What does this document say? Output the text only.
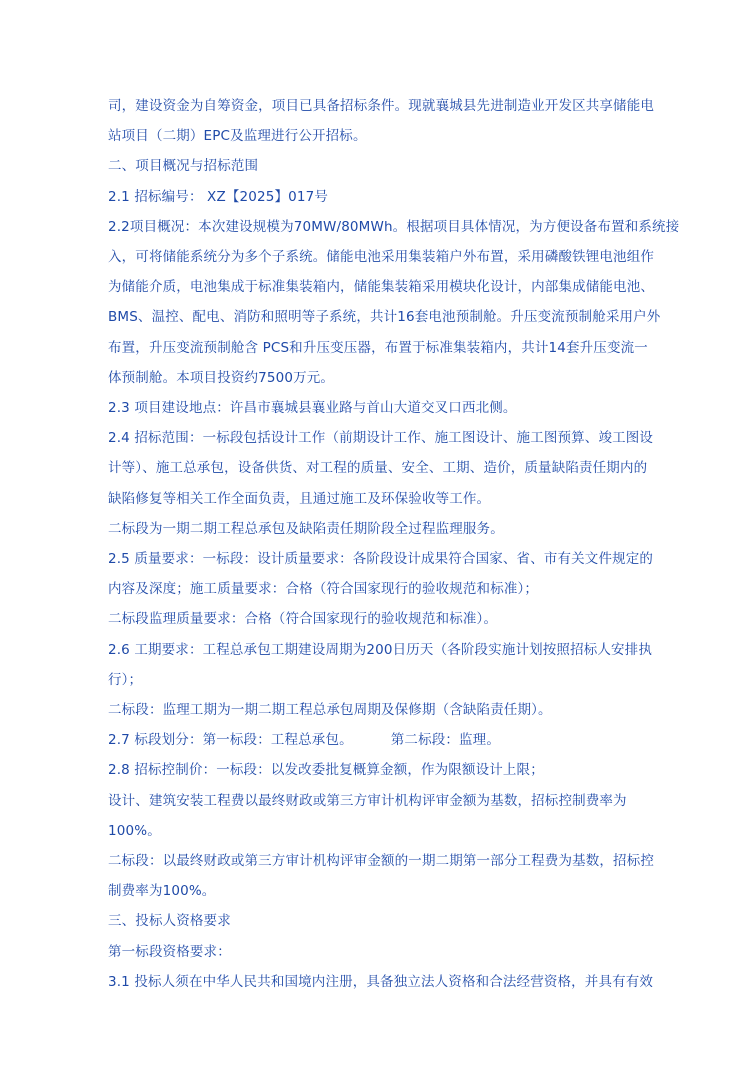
司，建设资金为自筹资金，项目已具备招标条件。现就襄城县先进制造业开发区共享储能电
站项目（二期）EPC及监理进行公开招标。
二、项目概况与招标范围
2.1 招标编号： XZ【2025】017号
2.2项目概况：本次建设规模为70MW/80MWh。根据项目具体情况，为方便设备布置和系统接
入，可将储能系统分为多个子系统。储能电池采用集装箱户外布置，采用磷酸铁锂电池组作
为储能介质，电池集成于标准集装箱内，储能集装箱采用模块化设计，内部集成储能电池、
BMS、温控、配电、消防和照明等子系统，共计16套电池预制舱。升压变流预制舱采用户外
布置，升压变流预制舱含 PCS和升压变压器，布置于标准集装箱内，共计14套升压变流一
体预制舱。本项目投资约7500万元。
2.3 项目建设地点：许昌市襄城县襄业路与首山大道交叉口西北侧。
2.4 招标范围：一标段包括设计工作（前期设计工作、施工图设计、施工图预算、竣工图设
计等）、施工总承包，设备供货、对工程的质量、安全、工期、造价，质量缺陷责任期内的
缺陷修复等相关工作全面负责，且通过施工及环保验收等工作。
二标段为一期二期工程总承包及缺陷责任期阶段全过程监理服务。
2.5 质量要求：一标段：设计质量要求：各阶段设计成果符合国家、省、市有关文件规定的
内容及深度；施工质量要求：合格（符合国家现行的验收规范和标准）；
二标段监理质量要求：合格（符合国家现行的验收规范和标准）。
2.6 工期要求：工程总承包工期建设周期为200日历天（各阶段实施计划按照招标人安排执
行）；
二标段：监理工期为一期二期工程总承包周期及保修期（含缺陷责任期）。
2.7 标段划分：第一标段：工程总承包。	第二标段：监理。
2.8 招标控制价：一标段：以发改委批复概算金额，作为限额设计上限；
设计、建筑安装工程费以最终财政或第三方审计机构评审金额为基数，招标控制费率为
100%。
二标段：以最终财政或第三方审计机构评审金额的一期二期第一部分工程费为基数，招标控
制费率为100%。
三、投标人资格要求
第一标段资格要求：
3.1 投标人须在中华人民共和国境内注册，具备独立法人资格和合法经营资格，并具有有效
